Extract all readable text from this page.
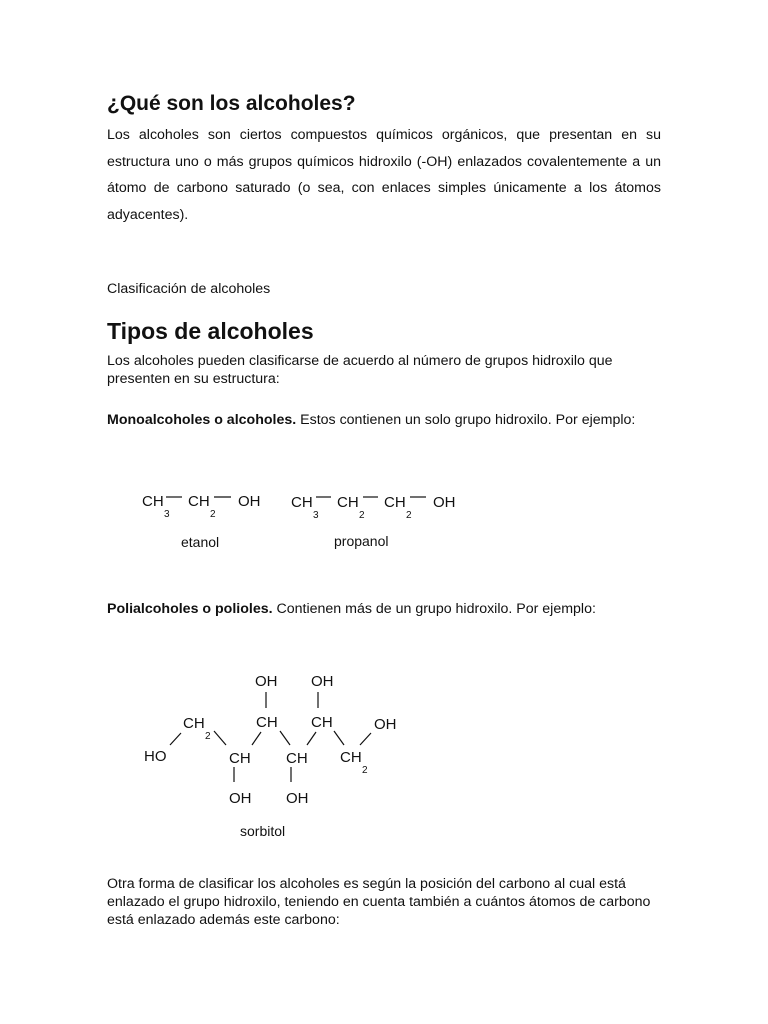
¿Qué son los alcoholes?

Los alcoholes son ciertos compuestos químicos orgánicos, que presentan en su estructura uno o más grupos químicos hidroxilo (-OH) enlazados covalentemente a un átomo de carbono saturado (o sea, con enlaces simples únicamente a los átomos adyacentes).

Clasificación de alcoholes

Tipos de alcoholes

Los alcoholes pueden clasificarse de acuerdo al número de grupos hidroxilo que presenten en su estructura:

Monoalcoholes o alcoholes. Estos contienen un solo grupo hidroxilo. Por ejemplo:

Polialcoholes o polioles. Contienen más de un grupo hidroxilo. Por ejemplo:

Otra forma de clasificar los alcoholes es según la posición del carbono al cual está enlazado el grupo hidroxilo, teniendo en cuenta también a cuántos átomos de carbono está enlazado además este carbono:

CH
3
CH
2
OH
etanol
CH
3
CH
2
CH
2
OH
propanol
HO
CH
2
CH
OH
CH
OH
CH
OH
CH
OH
CH
2
OH
sorbitol
